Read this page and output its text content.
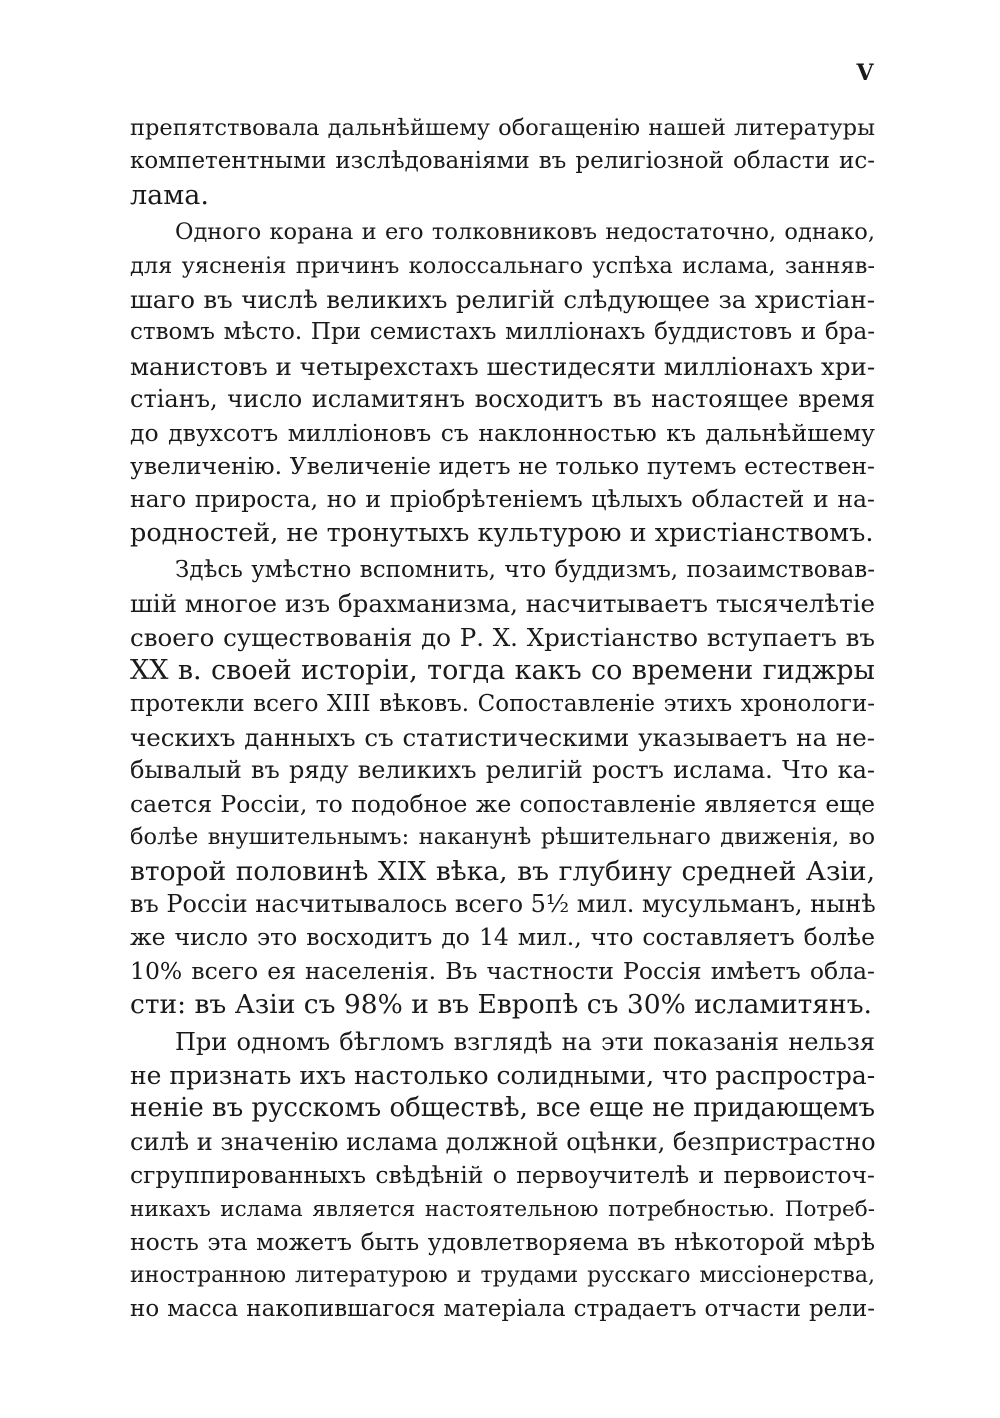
V
препятствовала дальнѣйшему обогащенію нашей литературы
компетентными изслѣдованіями въ религіозной области ис-
лама.
Одного корана и его толковниковъ недостаточно, однако,
для уясненія причинъ колоссальнаго успѣха ислама, занняв-
шаго въ числѣ великихъ религій слѣдующее за христіан-
ствомъ мѣсто. При семистахъ милліонахъ буддистовъ и бра-
манистовъ и четырехстахъ шестидесяти милліонахъ хри-
стіанъ, число исламитянъ восходитъ въ настоящее время
до двухсотъ милліоновъ съ наклонностью къ дальнѣйшему
увеличенію. Увеличеніе идетъ не только путемъ естествен-
наго прироста, но и пріобрѣтеніемъ цѣлыхъ областей и на-
родностей, не тронутыхъ культурою и христіанствомъ.
Здѣсь умѣстно вспомнить, что буддизмъ, позаимствовав-
шій многое изъ брахманизма, насчитываетъ тысячелѣтіе
своего существованія до Р. Х. Христіанство вступаетъ въ
XX в. своей исторіи, тогда какъ со времени гиджры
протекли всего XIII вѣковъ. Сопоставленіе этихъ хронологи-
ческихъ данныхъ съ статистическими указываетъ на не-
бывалый въ ряду великихъ религій ростъ ислама. Что ка-
сается Россіи, то подобное же сопоставленіе является еще
болѣе внушительнымъ: наканунѣ рѣшительнаго движенія, во
второй половинѣ XIX вѣка, въ глубину средней Азіи,
въ Россіи насчитывалось всего 5½ мил. мусульманъ, нынѣ
же число это восходитъ до 14 мил., что составляетъ болѣе
10% всего ея населенія. Въ частности Россія имѣетъ обла-
сти: въ Азіи съ 98% и въ Европѣ съ 30% исламитянъ.
При одномъ бѣгломъ взглядѣ на эти показанія нельзя
не признать ихъ настолько солидными, что распростра-
неніе въ русскомъ обществѣ, все еще не придающемъ
силѣ и значенію ислама должной оцѣнки, безпристрастно
сгруппированныхъ свѣдѣній о первоучителѣ и первоисточ-
никахъ ислама является настоятельною потребностью. Потреб-
ность эта можетъ быть удовлетворяема въ нѣкоторой мѣрѣ
иностранною литературою и трудами русскаго миссіонерства,
но масса накопившагося матеріала страдаетъ отчасти рели-
